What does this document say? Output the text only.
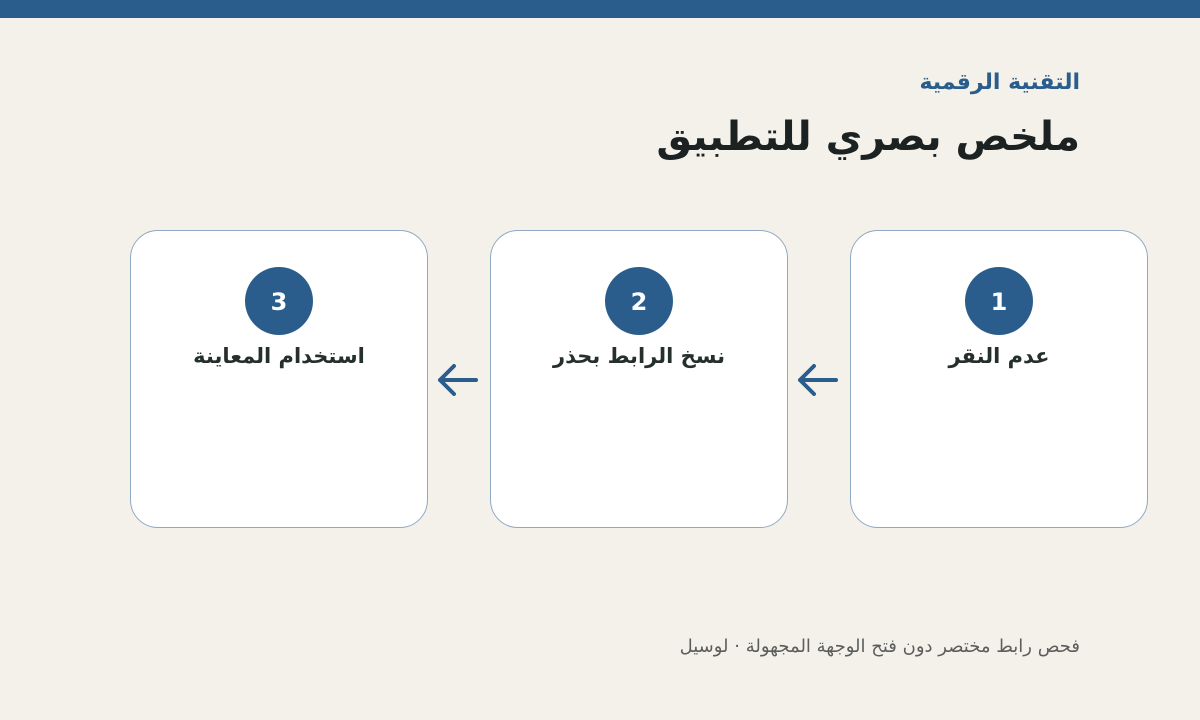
التقنية الرقمية
ملخص بصري للتطبيق
1
عدم النقر
2
نسخ الرابط بحذر
3
استخدام المعاينة
فحص رابط مختصر دون فتح الوجهة المجهولة · لوسيل
